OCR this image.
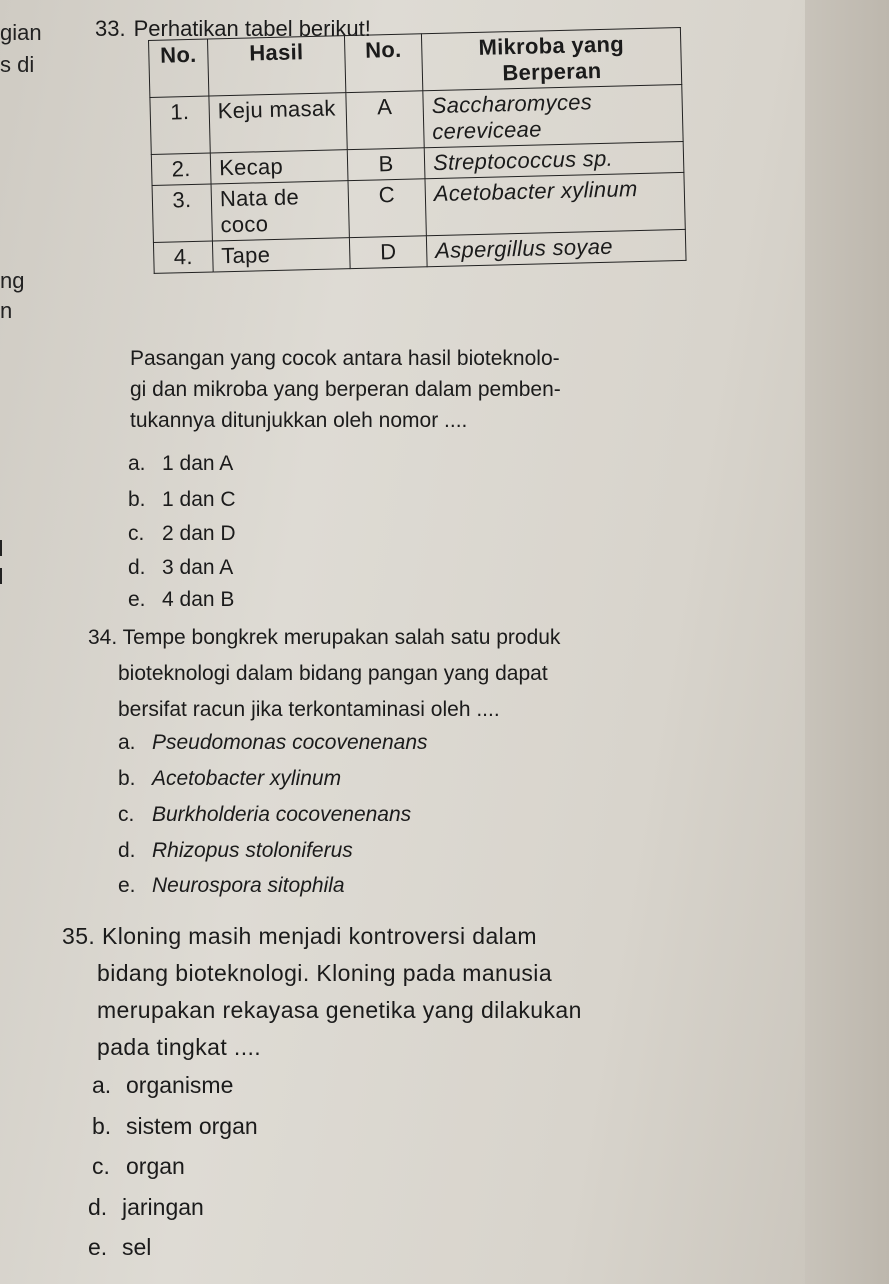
gian
s di
ng
n
33. Perhatikan tabel berikut!
No.	Hasil	No.	Mikroba yang Berperan
1.	Keju masak	A	Saccharomyces cereviceae
2.	Kecap	B	Streptococcus sp.
3.	Nata de coco	C	Acetobacter xylinum
4.	Tape	D	Aspergillus soyae
Pasangan yang cocok antara hasil bioteknolo-
gi dan mikroba yang berperan dalam pemben-
tukannya ditunjukkan oleh nomor ....
a. 1 dan A
b. 1 dan C
c. 2 dan D
d. 3 dan A
e. 4 dan B
34. Tempe bongkrek merupakan salah satu produk
bioteknologi dalam bidang pangan yang dapat
bersifat racun jika terkontaminasi oleh ....
a. Pseudomonas cocovenenans
b. Acetobacter xylinum
c. Burkholderia cocovenenans
d. Rhizopus stoloniferus
e. Neurospora sitophila
35. Kloning masih menjadi kontroversi dalam
bidang bioteknologi. Kloning pada manusia
merupakan rekayasa genetika yang dilakukan
pada tingkat ....
a. organisme
b. sistem organ
c. organ
d. jaringan
e. sel
